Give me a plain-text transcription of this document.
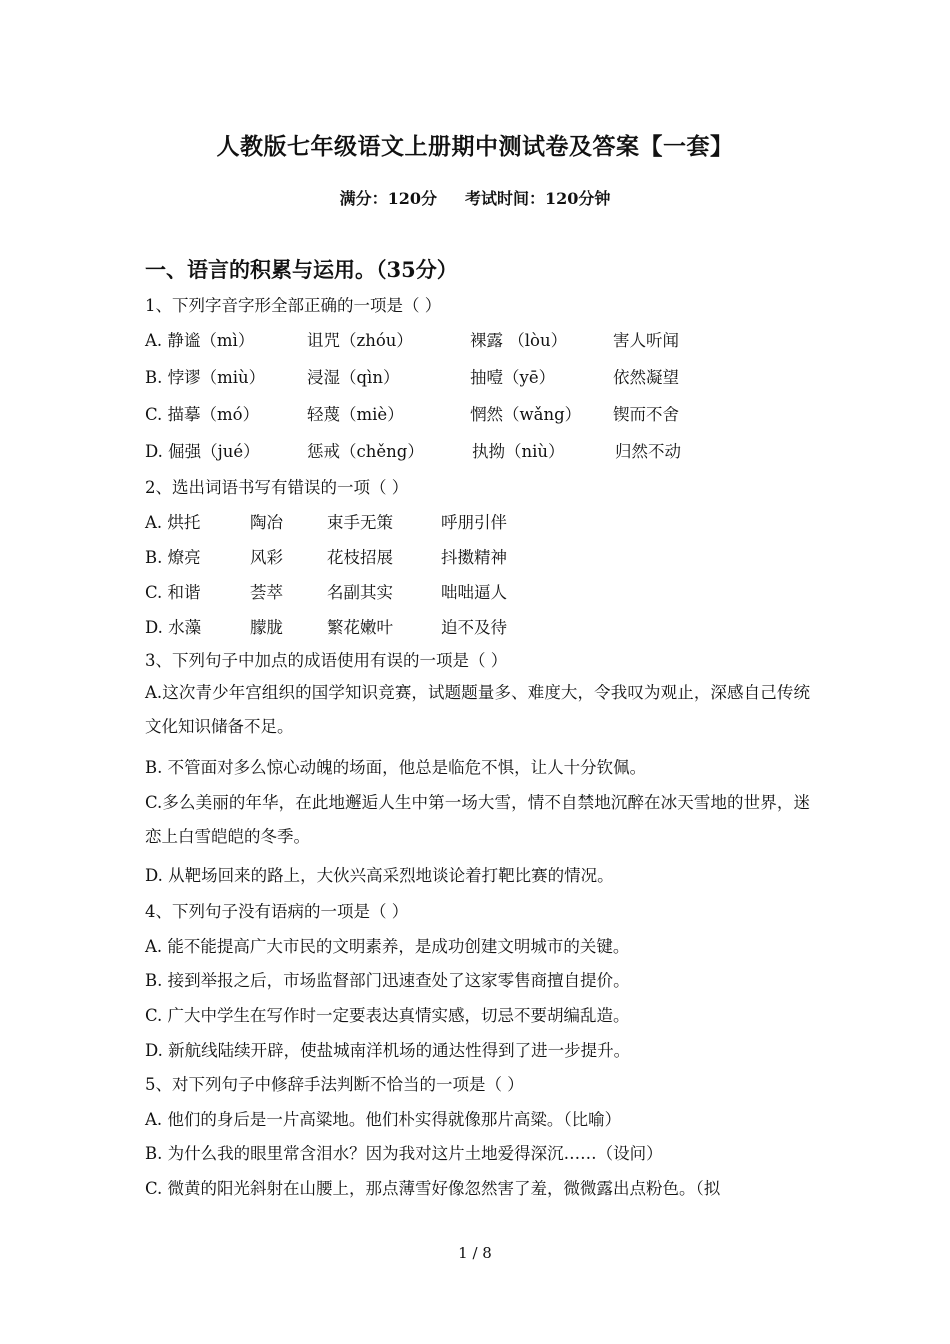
人教版七年级语文上册期中测试卷及答案【一套】
满分：120分 考试时间：120分钟
一、语言的积累与运用。（35分）
1、下列字音字形全部正确的一项是（ ）
A. 静谧（mì）	诅咒（zhóu）	裸露 （lòu）	害人听闻
B. 悖谬（miù）	浸湿（qìn）	抽噎（yē）	依然凝望
C. 描摹（mó）	轻蔑（miè）	惘然（wǎng） 锲而不舍
D. 倔强（jué）	惩戒（chěng）	执拗（niù）	归然不动
2、选出词语书写有错误的一项（ ）
A. 烘托	陶冶	束手无策	呼朋引伴
B. 燎亮	风彩	花枝招展	抖擞精神
C. 和谐	荟萃	名副其实	咄咄逼人
D. 水藻	朦胧	繁花嫩叶	迫不及待
3、下列句子中加点的成语使用有误的一项是（ ）
A.这次青少年宫组织的国学知识竞赛，试题题量多、难度大，令我叹为观止，深感自己传统文化知识储备不足。
B. 不管面对多么惊心动魄的场面，他总是临危不惧，让人十分钦佩。
C.多么美丽的年华，在此地邂逅人生中第一场大雪，情不自禁地沉醉在冰天雪地的世界，迷恋上白雪皑皑的冬季。
D. 从靶场回来的路上，大伙兴高采烈地谈论着打靶比赛的情况。
4、下列句子没有语病的一项是（ ）
A. 能不能提高广大市民的文明素养，是成功创建文明城市的关键。
B. 接到举报之后，市场监督部门迅速查处了这家零售商擅自提价。
C. 广大中学生在写作时一定要表达真情实感，切忌不要胡编乱造。
D. 新航线陆续开辟，使盐城南洋机场的通达性得到了进一步提升。
5、对下列句子中修辞手法判断不恰当的一项是（ ）
A. 他们的身后是一片高粱地。他们朴实得就像那片高粱。（比喻）
B. 为什么我的眼里常含泪水？因为我对这片土地爱得深沉……（设问）
C. 微黄的阳光斜射在山腰上，那点薄雪好像忽然害了羞，微微露出点粉色。（拟
1 / 8
